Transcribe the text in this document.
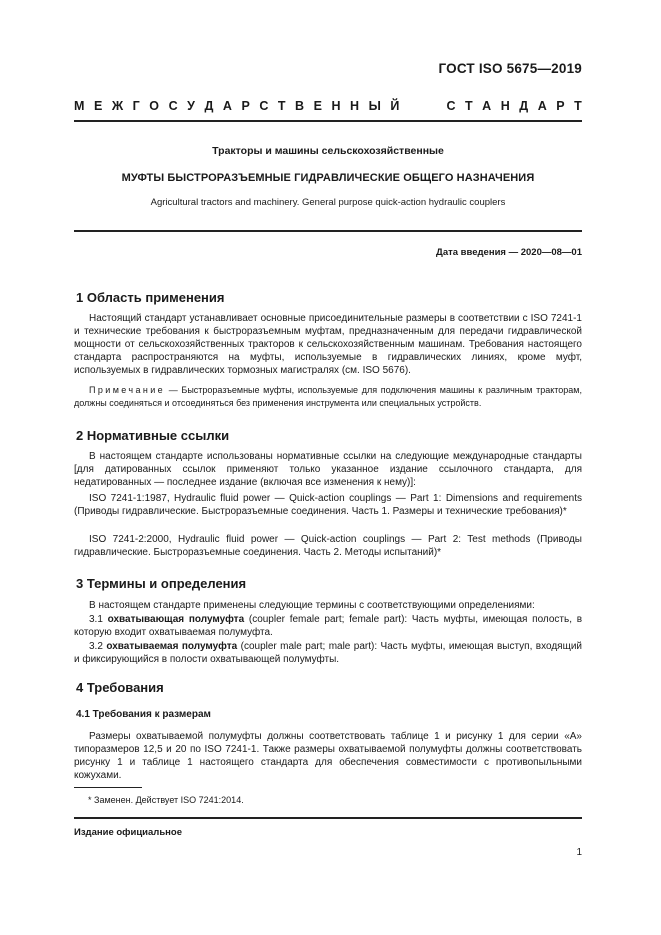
ГОСТ ISO 5675—2019
М Е Ж Г О С У Д А Р С Т В Е Н Н Ы Й	С Т А Н Д А Р Т
Тракторы и машины сельскохозяйственные
МУФТЫ БЫСТРОРАЗЪЕМНЫЕ ГИДРАВЛИЧЕСКИЕ ОБЩЕГО НАЗНАЧЕНИЯ
Agricultural tractors and machinery. General purpose quick-action hydraulic couplers
Дата введения — 2020—08—01
1 Область применения
Настоящий стандарт устанавливает основные присоединительные размеры в соответствии с ISO 7241-1 и технические требования к быстроразъемным муфтам, предназначенным для передачи гидравлической мощности от сельскохозяйственных тракторов к сельскохозяйственным машинам. Требования настоящего стандарта распространяются на муфты, используемые в гидравлических линиях, кроме муфт, используемых в гидравлических тормозных магистралях (см. ISO 5676).
Примечание — Быстроразъемные муфты, используемые для подключения машины к различным тракторам, должны соединяться и отсоединяться без применения инструмента или специальных устройств.
2 Нормативные ссылки
В настоящем стандарте использованы нормативные ссылки на следующие международные стандарты [для датированных ссылок применяют только указанное издание ссылочного стандарта, для недатированных — последнее издание (включая все изменения к нему)]:
ISO 7241-1:1987, Hydraulic fluid power — Quick-action couplings — Part 1: Dimensions and requirements (Приводы гидравлические. Быстроразъемные соединения. Часть 1. Размеры и технические требования)*
ISO 7241-2:2000, Hydraulic fluid power — Quick-action couplings — Part 2: Test methods (Приводы гидравлические. Быстроразъемные соединения. Часть 2. Методы испытаний)*
3 Термины и определения
В настоящем стандарте применены следующие термины с соответствующими определениями:
3.1 охватывающая полумуфта (coupler female part; female part): Часть муфты, имеющая полость, в которую входит охватываемая полумуфта.
3.2 охватываемая полумуфта (coupler male part; male part): Часть муфты, имеющая выступ, входящий и фиксирующийся в полости охватывающей полумуфты.
4 Требования
4.1 Требования к размерам
Размеры охватываемой полумуфты должны соответствовать таблице 1 и рисунку 1 для серии «А» типоразмеров 12,5 и 20 по ISO 7241-1. Также размеры охватываемой полумуфты должны соответствовать рисунку 1 и таблице 1 настоящего стандарта для обеспечения совместимости с противопыльными кожухами.
* Заменен. Действует ISO 7241:2014.
Издание официальное
1
